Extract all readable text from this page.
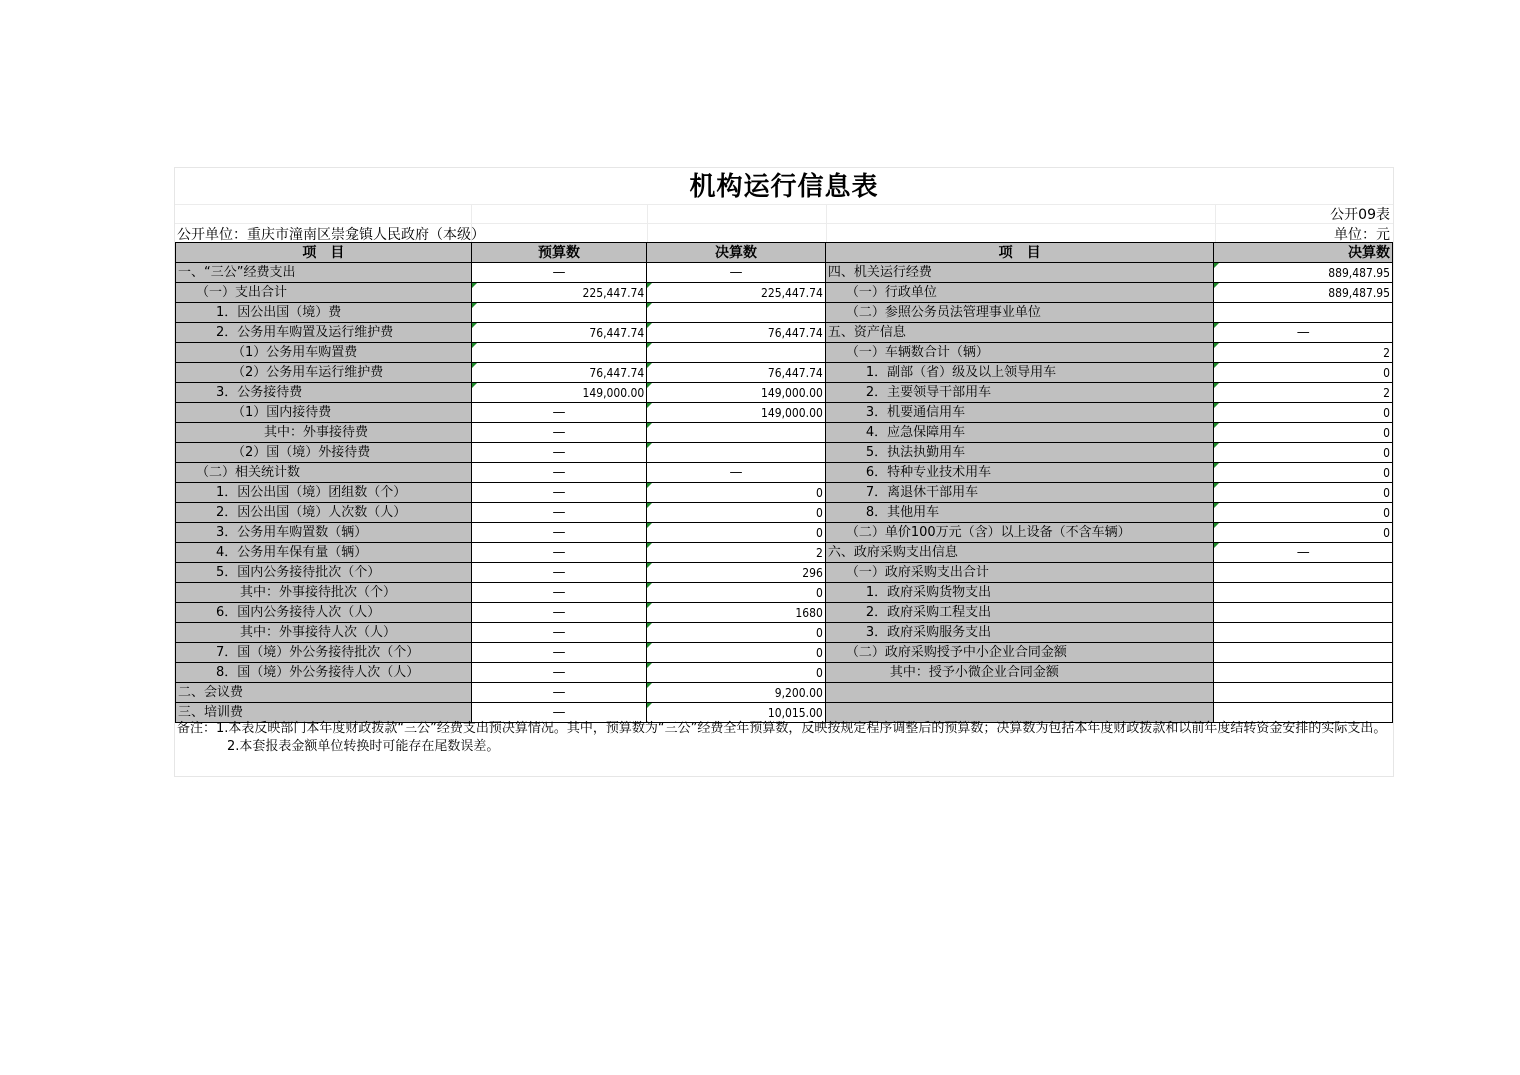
机构运行信息表
公开09表
公开单位：重庆市潼南区崇龛镇人民政府（本级）	单位：元
项　目	预算数	决算数	项　目	决算数
一、“三公”经费支出	—	—	四、机关运行经费	889,487.95
（一）支出合计	225,447.74	225,447.74	（一）行政单位	889,487.95
1．因公出国（境）费			（二）参照公务员法管理事业单位	
2．公务用车购置及运行维护费	76,447.74	76,447.74	五、资产信息	—
（1）公务用车购置费			（一）车辆数合计（辆）	2
（2）公务用车运行维护费	76,447.74	76,447.74	1．副部（省）级及以上领导用车	0
3．公务接待费	149,000.00	149,000.00	2．主要领导干部用车	2
（1）国内接待费	—	149,000.00	3．机要通信用车	0
其中：外事接待费	—		4．应急保障用车	0
（2）国（境）外接待费	—		5．执法执勤用车	0
（二）相关统计数	—	—	6．特种专业技术用车	0
1．因公出国（境）团组数（个）	—	0	7．离退休干部用车	0
2．因公出国（境）人次数（人）	—	0	8．其他用车	0
3．公务用车购置数（辆）	—	0	（二）单价100万元（含）以上设备（不含车辆）	0
4．公务用车保有量（辆）	—	2	六、政府采购支出信息	—
5．国内公务接待批次（个）	—	296	（一）政府采购支出合计	
其中：外事接待批次（个）	—	0	1．政府采购货物支出	
6．国内公务接待人次（人）	—	1680	2．政府采购工程支出	
其中：外事接待人次（人）	—	0	3．政府采购服务支出	
7．国（境）外公务接待批次（个）	—	0	（二）政府采购授予中小企业合同金额	
8．国（境）外公务接待人次（人）	—	0	其中：授予小微企业合同金额	
二、会议费	—	9,200.00		
三、培训费	—	10,015.00		
备注：1.本表反映部门本年度财政拨款“三公”经费支出预决算情况。其中，预算数为“三公”经费全年预算数，反映按规定程序调整后的预算数；决算数为包括本年度财政拨款和以前年度结转资金安排的实际支出。
2.本套报表金额单位转换时可能存在尾数误差。
